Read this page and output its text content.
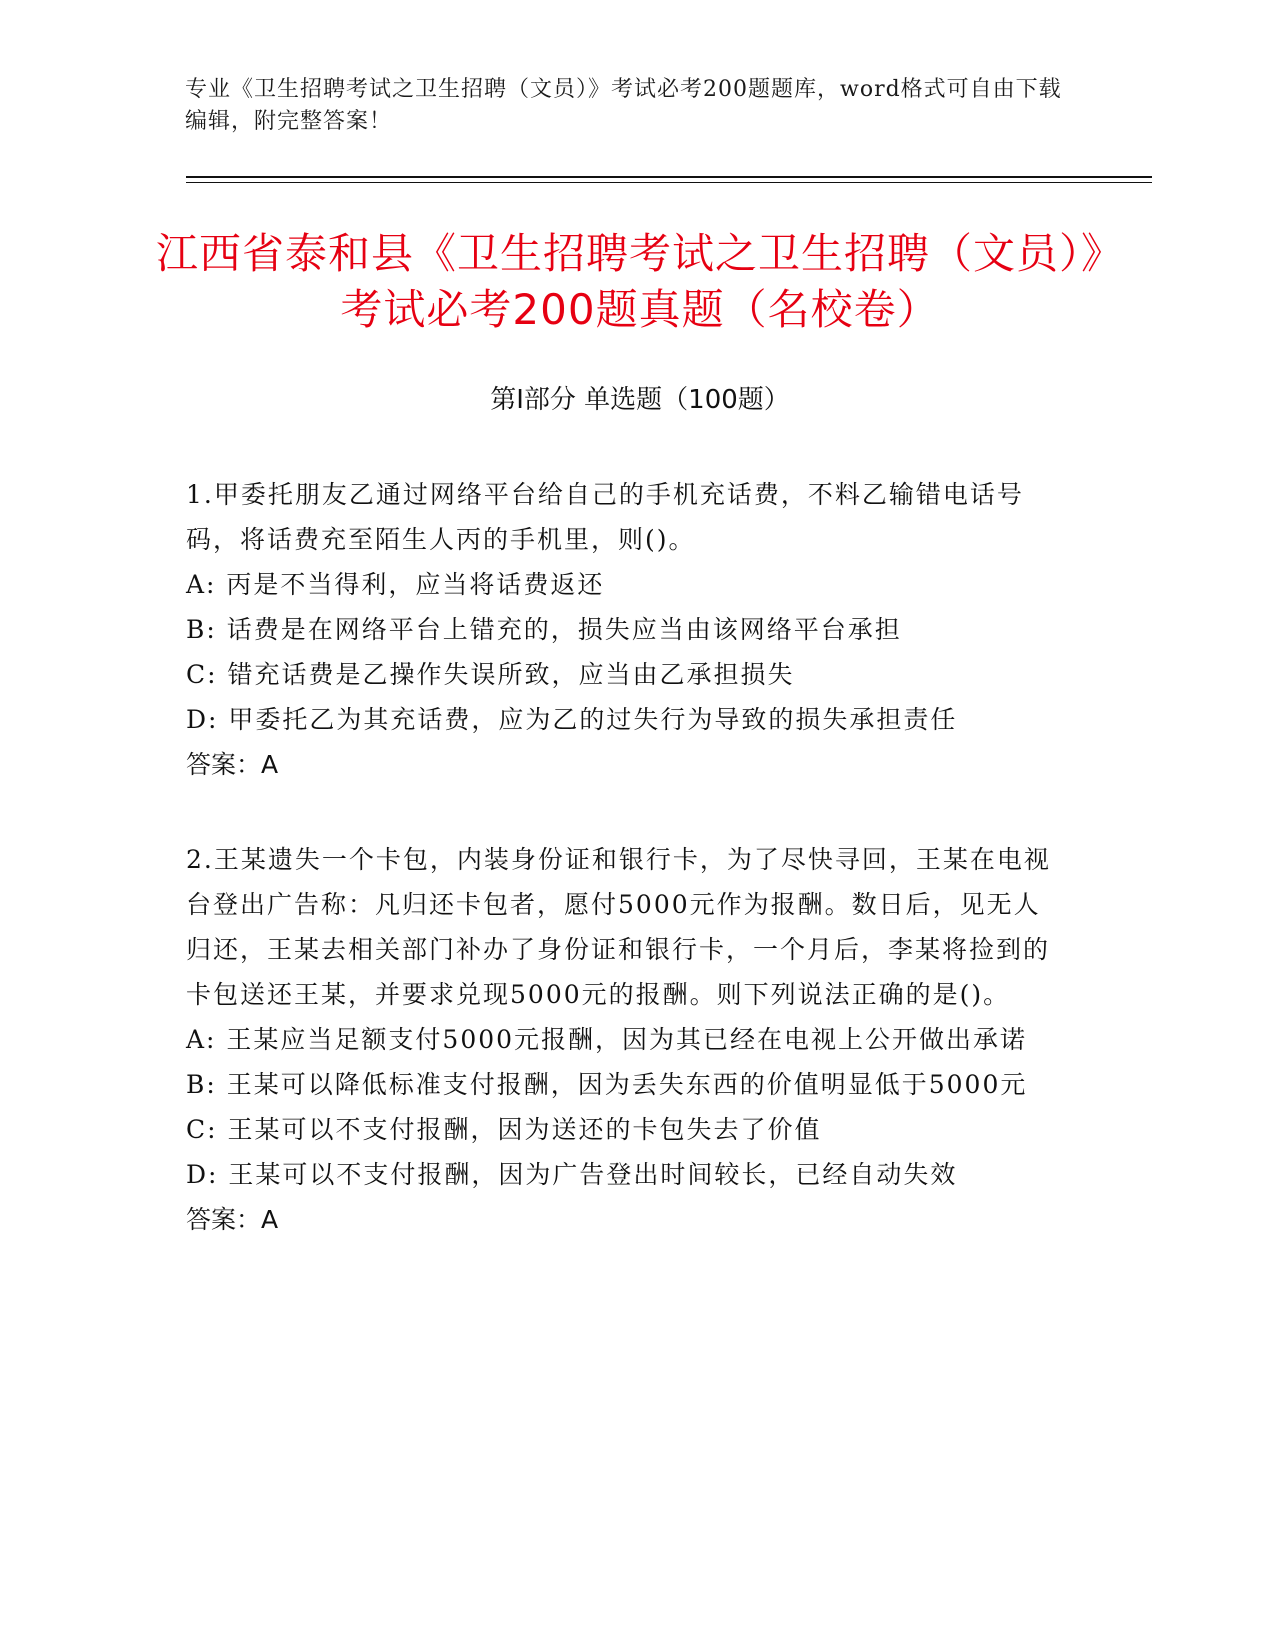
专业《卫生招聘考试之卫生招聘（文员）》考试必考200题题库，word格式可自由下载编辑，附完整答案！
江西省泰和县《卫生招聘考试之卫生招聘（文员）》考试必考200题真题（名校卷）
第Ⅰ部分 单选题（100题）

1.甲委托朋友乙通过网络平台给自己的手机充话费，不料乙输错电话号码，将话费充至陌生人丙的手机里，则()。

A: 丙是不当得利，应当将话费返还

B: 话费是在网络平台上错充的，损失应当由该网络平台承担

C: 错充话费是乙操作失误所致，应当由乙承担损失

D: 甲委托乙为其充话费，应为乙的过失行为导致的损失承担责任

答案：A

2.王某遗失一个卡包，内装身份证和银行卡，为了尽快寻回，王某在电视台登出广告称：凡归还卡包者，愿付5000元作为报酬。数日后，见无人归还，王某去相关部门补办了身份证和银行卡，一个月后，李某将捡到的卡包送还王某，并要求兑现5000元的报酬。则下列说法正确的是()。

A: 王某应当足额支付5000元报酬，因为其已经在电视上公开做出承诺

B: 王某可以降低标准支付报酬，因为丢失东西的价值明显低于5000元

C: 王某可以不支付报酬，因为送还的卡包失去了价值

D: 王某可以不支付报酬，因为广告登出时间较长，已经自动失效

答案：A
